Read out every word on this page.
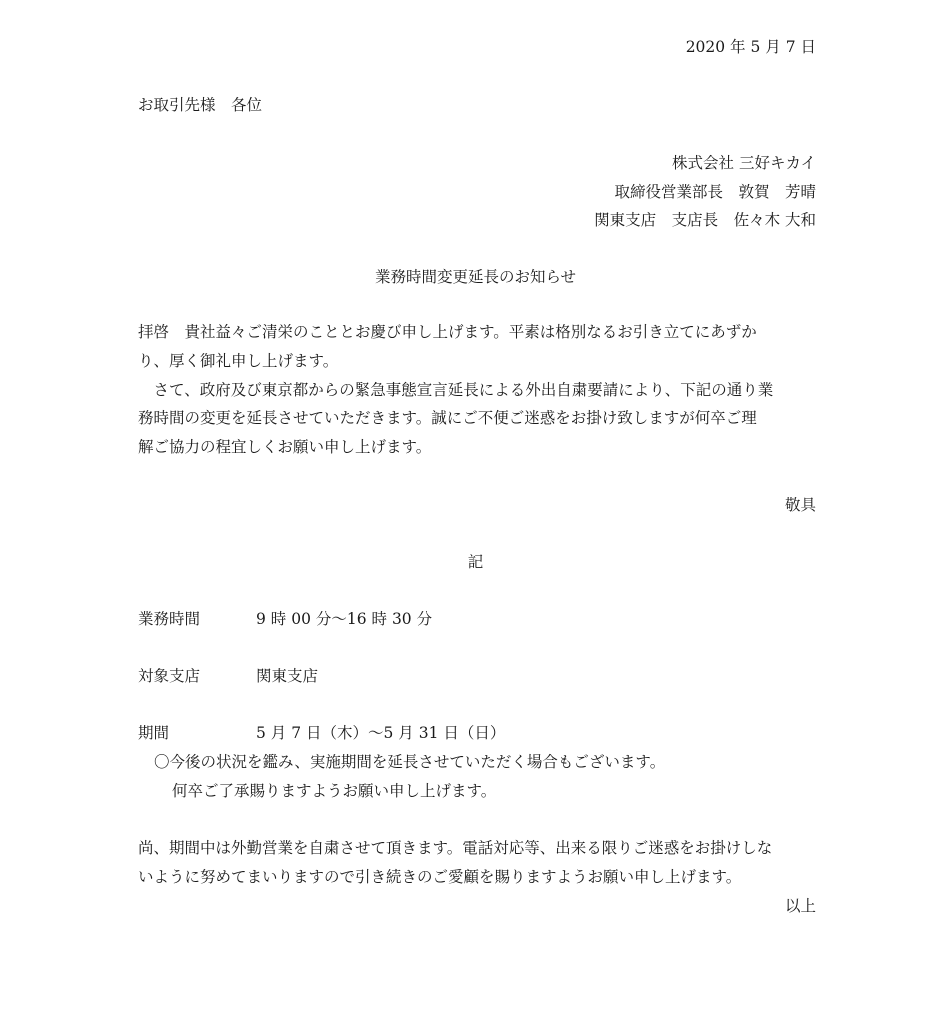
2020 年 5 月 7 日
お取引先様　各位
株式会社 三好キカイ
取締役営業部長　敦賀　芳晴
関東支店　支店長　佐々木 大和
業務時間変更延長のお知らせ
拝啓　貴社益々ご清栄のこととお慶び申し上げます。平素は格別なるお引き立てにあずか
り、厚く御礼申し上げます。
　さて、政府及び東京都からの緊急事態宣言延長による外出自粛要請により、下記の通り業
務時間の変更を延長させていただきます。誠にご不便ご迷惑をお掛け致しますが何卒ご理
解ご協力の程宜しくお願い申し上げます。
敬具
記
業務時間	9 時 00 分～16 時 30 分
対象支店	関東支店
期間	5 月 7 日（木）～5 月 31 日（日）
〇今後の状況を鑑み、実施期間を延長させていただく場合もございます。
何卒ご了承賜りますようお願い申し上げます。
尚、期間中は外勤営業を自粛させて頂きます。電話対応等、出来る限りご迷惑をお掛けしな
いように努めてまいりますので引き続きのご愛顧を賜りますようお願い申し上げます。
以上
